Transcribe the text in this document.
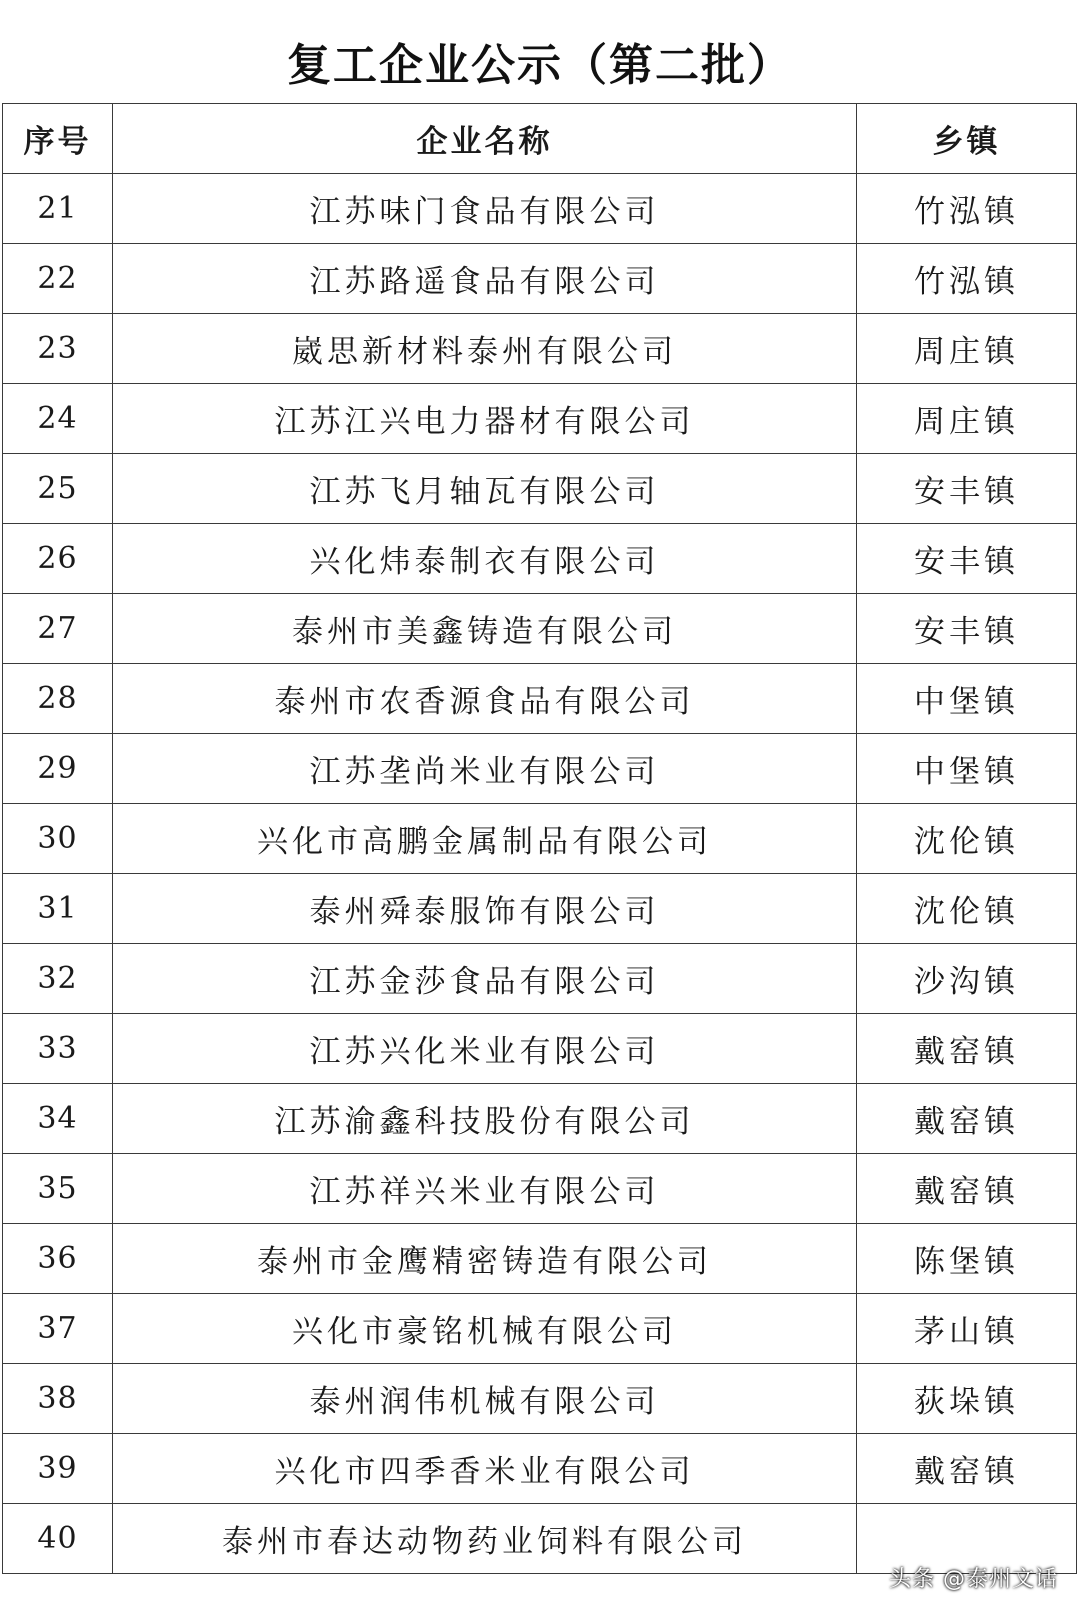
复工企业公示（第二批）
序号	企业名称	乡镇
21	江苏味门食品有限公司	竹泓镇
22	江苏路遥食品有限公司	竹泓镇
23	崴思新材料泰州有限公司	周庄镇
24	江苏江兴电力器材有限公司	周庄镇
25	江苏飞月轴瓦有限公司	安丰镇
26	兴化炜泰制衣有限公司	安丰镇
27	泰州市美鑫铸造有限公司	安丰镇
28	泰州市农香源食品有限公司	中堡镇
29	江苏垄尚米业有限公司	中堡镇
30	兴化市高鹏金属制品有限公司	沈伦镇
31	泰州舜泰服饰有限公司	沈伦镇
32	江苏金莎食品有限公司	沙沟镇
33	江苏兴化米业有限公司	戴窑镇
34	江苏渝鑫科技股份有限公司	戴窑镇
35	江苏祥兴米业有限公司	戴窑镇
36	泰州市金鹰精密铸造有限公司	陈堡镇
37	兴化市豪铭机械有限公司	茅山镇
38	泰州润伟机械有限公司	荻垛镇
39	兴化市四季香米业有限公司	戴窑镇
40	泰州市春达动物药业饲料有限公司	
头条 @泰州文话
